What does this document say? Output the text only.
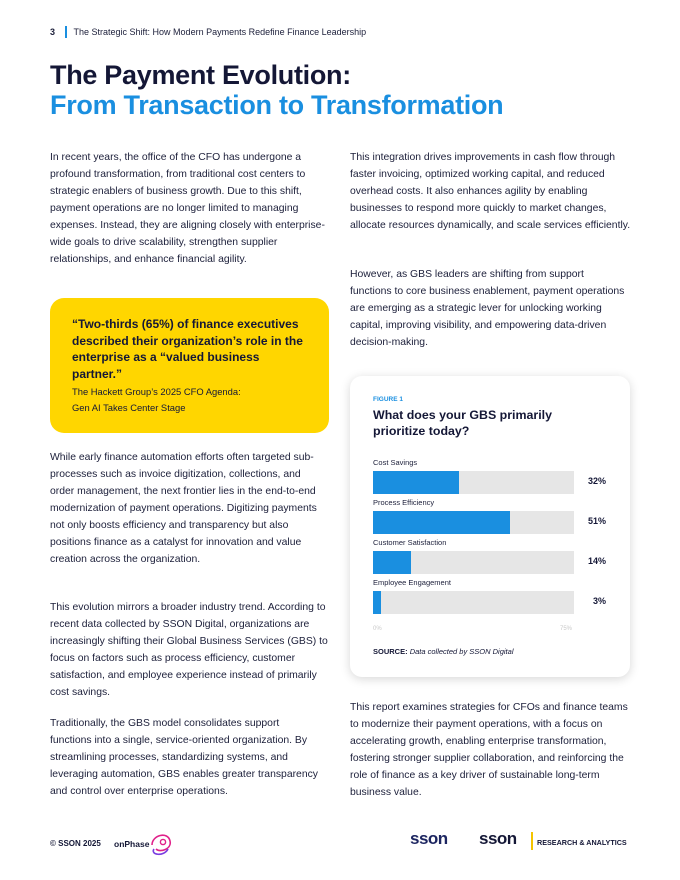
3 The Strategic Shift: How Modern Payments Redefine Finance Leadership
The Payment Evolution:
From Transaction to Transformation

In recent years, the office of the CFO has undergone a profound transformation, from traditional cost centers to strategic enablers of business growth. Due to this shift, payment operations are no longer limited to managing expenses. Instead, they are aligning closely with enterprise-wide goals to drive scalability, strengthen supplier relationships, and enhance financial agility.

“Two-thirds (65%) of finance executives described their organization’s role in the enterprise as a “valued business partner.”
The Hackett Group’s 2025 CFO Agenda:
Gen AI Takes Center Stage

While early finance automation efforts often targeted sub-processes such as invoice digitization, collections, and order management, the next frontier lies in the end-to-end modernization of payment operations. Digitizing payments not only boosts efficiency and transparency but also positions finance as a catalyst for innovation and value creation across the organization.

This evolution mirrors a broader industry trend. According to recent data collected by SSON Digital, organizations are increasingly shifting their Global Business Services (GBS) to focus on factors such as process efficiency, customer satisfaction, and employee experience instead of primarily cost savings.

Traditionally, the GBS model consolidates support functions into a single, service-oriented organization. By streamlining processes, standardizing systems, and leveraging automation, GBS enables greater transparency and control over enterprise operations.

This integration drives improvements in cash flow through faster invoicing, optimized working capital, and reduced overhead costs. It also enhances agility by enabling businesses to respond more quickly to market changes, allocate resources dynamically, and scale services efficiently.

However, as GBS leaders are shifting from support functions to core business enablement, payment operations are emerging as a strategic lever for unlocking working capital, improving visibility, and empowering data-driven decision-making.

FIGURE 1
What does your GBS primarily prioritize today?
0%	75%
SOURCE: Data collected by SSON Digital
Cost Savings
32%
Process Efficiency
51%
Customer Satisfaction
14%
Employee Engagement
3%

This report examines strategies for CFOs and finance teams to modernize their payment operations, with a focus on accelerating growth, enabling enterprise transformation, fostering stronger supplier collaboration, and reinforcing the role of finance as a key driver of sustainable long-term business value.

© SSON 2025 onPhase	sson sson	RESEARCH & ANALYTICS
